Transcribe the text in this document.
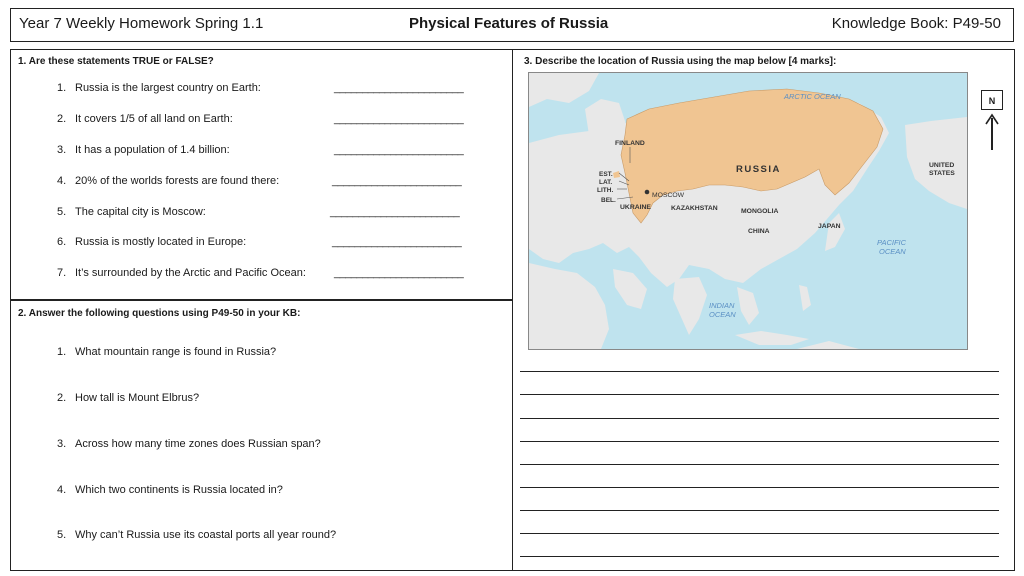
Year 7 Weekly Homework Spring 1.1	Physical Features of Russia	Knowledge Book: P49-50
1. Are these statements TRUE or FALSE?
1. Russia is the largest country on Earth:	_______________________
2. It covers 1/5 of all land on Earth:	_______________________
3. It has a population of 1.4 billion:	_______________________
4. 20% of the worlds forests are found there:	_______________________
5. The capital city is Moscow:	_______________________
6. Russia is mostly located in Europe:	_______________________
7. It’s surrounded by the Arctic and Pacific Ocean:	_______________________
2. Answer the following questions using P49-50 in your KB:
1. What mountain range is found in Russia?
2. How tall is Mount Elbrus?
3. Across how many time zones does Russian span?
4. Which two continents is Russia located in?
5. Why can’t Russia use its coastal ports all year round?
3. Describe the location of Russia using the map below [4 marks]:
ARCTIC OCEAN
RUSSIA
FINLAND
EST.
LAT.
LITH.
BEL.
MOSCOW
UKRAINE	KAZAKHSTAN	MONGOLIA
CHINA
JAPAN
UNITED
STATES
PACIFIC
OCEAN
INDIAN
OCEAN
N
